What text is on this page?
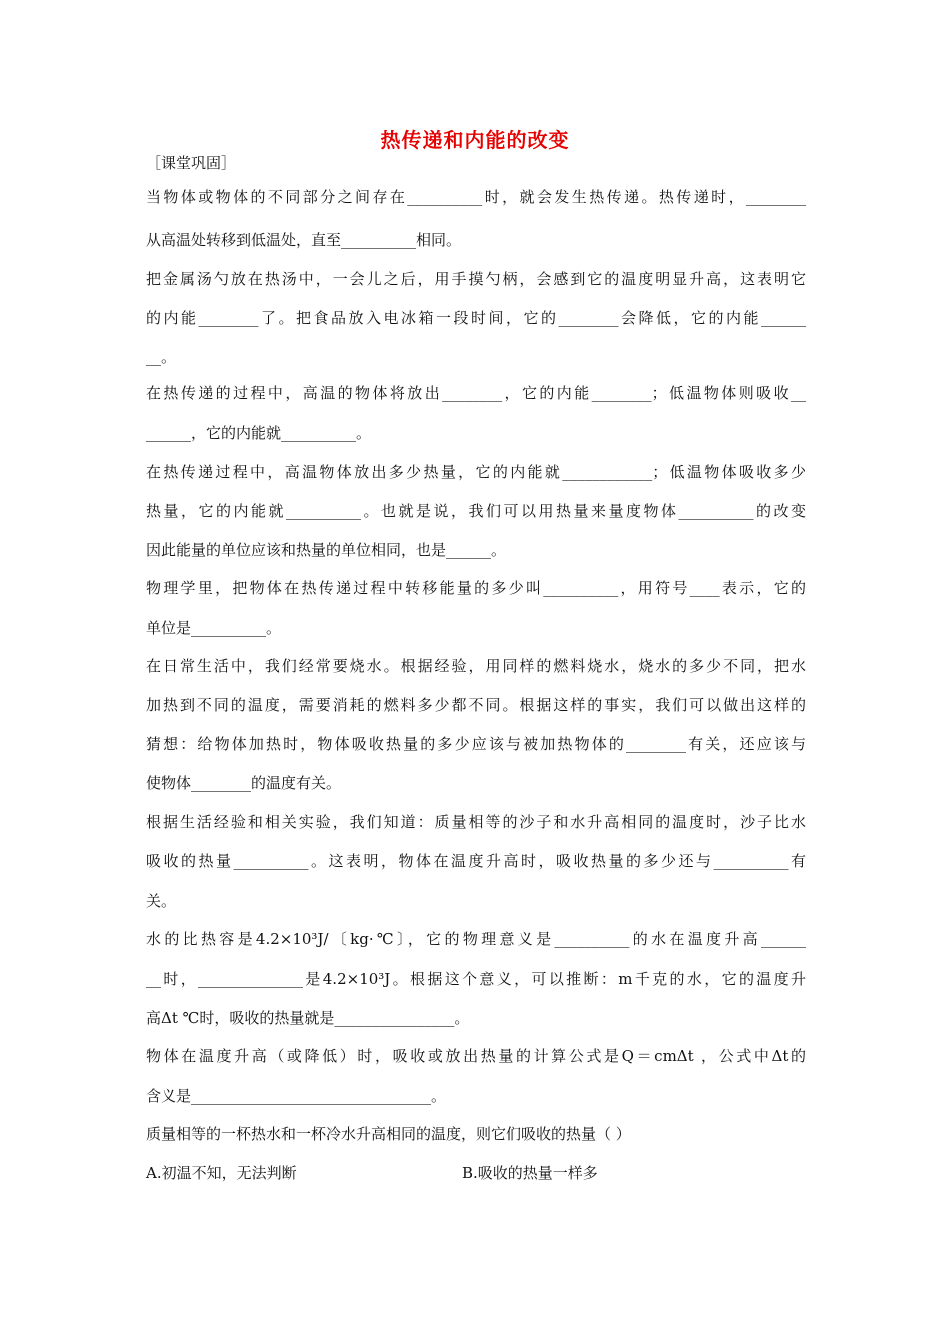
热传递和内能的改变
［课堂巩固］
当物体或物体的不同部分之间存在__________时，就会发生热传递。热传递时，________
从高温处转移到低温处，直至__________相同。
把金属汤勺放在热汤中，一会儿之后，用手摸勺柄，会感到它的温度明显升高，这表明它
的内能________了。把食品放入电冰箱一段时间，它的________会降低，它的内能______
__。
在热传递的过程中，高温的物体将放出________，它的内能________；低温物体则吸收__
______，它的内能就__________。
在热传递过程中，高温物体放出多少热量，它的内能就____________；低温物体吸收多少
热量，它的内能就__________。也就是说，我们可以用热量来量度物体__________的改变
因此能量的单位应该和热量的单位相同，也是______。
物理学里，把物体在热传递过程中转移能量的多少叫__________，用符号____表示，它的
单位是__________。
在日常生活中，我们经常要烧水。根据经验，用同样的燃料烧水，烧水的多少不同，把水
加热到不同的温度，需要消耗的燃料多少都不同。根据这样的事实，我们可以做出这样的
猜想：给物体加热时，物体吸收热量的多少应该与被加热物体的________有关，还应该与
使物体________的温度有关。
根据生活经验和相关实验，我们知道：质量相等的沙子和水升高相同的温度时，沙子比水
吸收的热量__________。这表明，物体在温度升高时，吸收热量的多少还与__________有
关。
水的比热容是4.2×10³J/〔kg·℃〕，它的物理意义是__________的水在温度升高______
__时，______________是4.2×10³J。根据这个意义，可以推断：m千克的水，它的温度升
高Δt ℃时，吸收的热量就是________________。
物体在温度升高（或降低）时，吸收或放出热量的计算公式是Q＝cmΔt ，公式中Δt的
含义是________________________________。
质量相等的一杯热水和一杯冷水升高相同的温度，则它们吸收的热量（ ）
A.初温不知，无法判断	B.吸收的热量一样多
